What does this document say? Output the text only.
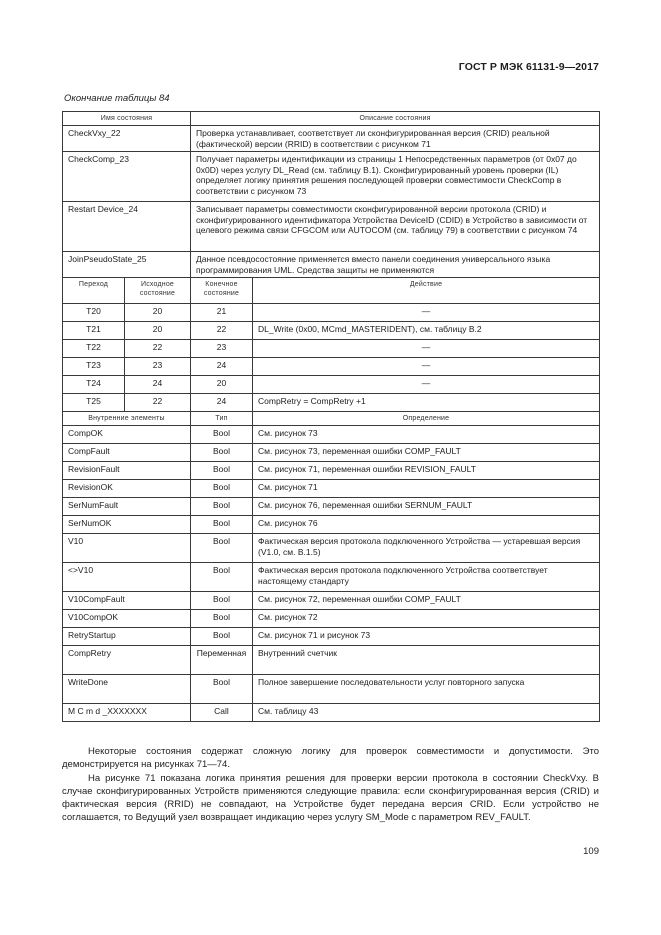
ГОСТ Р МЭК 61131-9—2017
Окончание таблицы 84
Имя состояния		Описание состояния	
CheckVxy_22		Проверка устанавливает, соответствует ли сконфигурированная версия (CRID) реальной (фактической) версии (RRID) в соответствии с рисунком 71	
CheckComp_23		Получает параметры идентификации из страницы 1 Непосредственных параметров (от 0x07 до 0x0D) через услугу DL_Read (см. таблицу В.1). Сконфигурированный уровень проверки (IL) определяет логику принятия решения последующей проверки совместимости CheckComp в соответствии с рисунком 73	
Restart Device_24		Записывает параметры совместимости сконфигурированной версии протокола (CRID) и сконфигурированного идентификатора Устройства DeviceID (CDID) в Устройство в зависимости от целевого режима связи CFGCOM или AUTOCOM (см. таблицу 79) в соответствии с рисунком 74	
JoinPseudoState_25		Данное псевдосостояние применяется вместо панели соединения универсального языка программирования UML. Средства защиты не применяются	
Переход	Исходное состояние	Конечное состояние	Действие
T20	20	21	—
T21	20	22	DL_Write (0x00, MCmd_MASTERIDENT), см. таблицу В.2
T22	22	23	—
T23	23	24	—
T24	24	20	—
T25	22	24	CompRetry = CompRetry +1
Внутренние элементы		Тип	Определение
CompOK		Bool	См. рисунок 73
CompFault		Bool	См. рисунок 73, переменная ошибки COMP_FAULT
RevisionFault		Bool	См. рисунок 71, переменная ошибки REVISION_FAULT
RevisionOK		Bool	См. рисунок 71
SerNumFault		Bool	См. рисунок 76, переменная ошибки SERNUM_FAULT
SerNumOK		Bool	См. рисунок 76
V10		Bool	Фактическая версия протокола подключенного Устройства — устаревшая версия (V1.0, см. В.1.5)
<>V10		Bool	Фактическая версия протокола подключенного Устройства соответствует настоящему стандарту
V10CompFault		Bool	См. рисунок 72, переменная ошибки COMP_FAULT
V10CompOK		Bool	См. рисунок 72
RetryStartup		Bool	См. рисунок 71 и рисунок 73
CompRetry		Переменная	Внутренний счетчик
WriteDone		Bool	Полное завершение последовательности услуг повторного запуска
M C m d _XXXXXXX		Call	См. таблицу 43

Некоторые состояния содержат сложную логику для проверок совместимости и допустимости. Это демонстрируется на рисунках 71—74.

На рисунке 71 показана логика принятия решения для проверки версии протокола в состоянии CheckVxy. В случае сконфигурированных Устройств применяются следующие правила: если сконфигурированная версия (CRID) и фактическая версия (RRID) не совпадают, на Устройстве будет передана версия CRID. Если устройство не соглашается, то Ведущий узел возвращает индикацию через услугу SM_Mode с параметром REV_FAULT.

109
